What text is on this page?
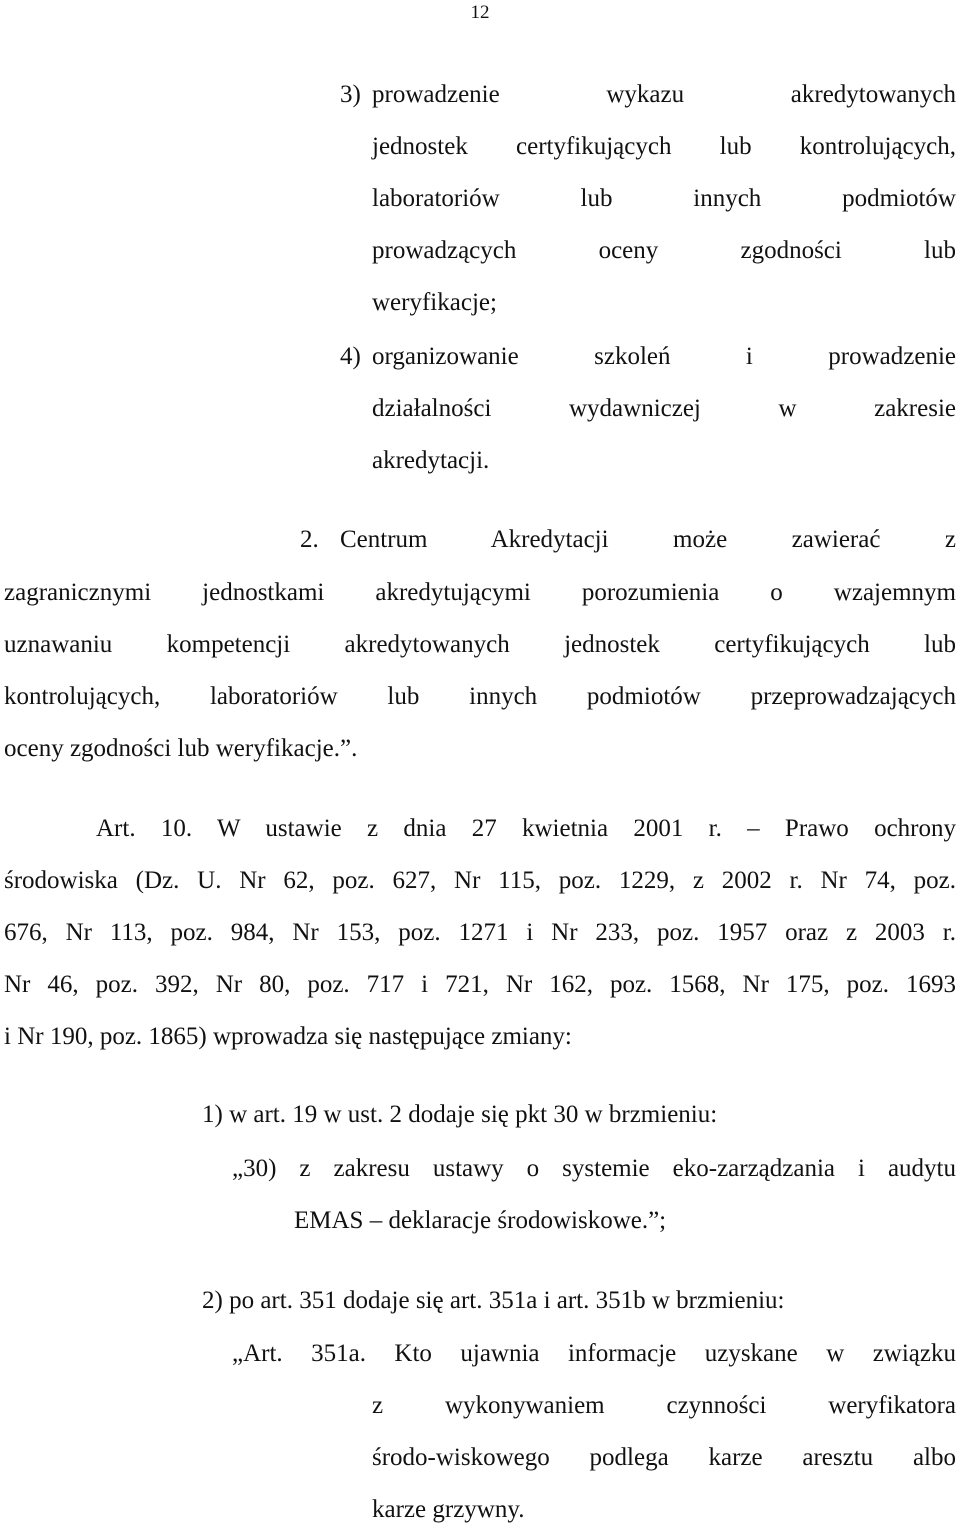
12
3) prowadzenie wykazu akredytowanych
jednostek certyfikujących lub kontrolujących,
laboratoriów lub innych podmiotów
prowadzących oceny zgodności lub
weryfikacje;
4) organizowanie szkoleń i prowadzenie
działalności wydawniczej w zakresie
akredytacji.
2. Centrum Akredytacji może zawierać z
zagranicznymi jednostkami akredytującymi porozumienia o wzajemnym
uznawaniu kompetencji akredytowanych jednostek certyfikujących lub
kontrolujących, laboratoriów lub innych podmiotów przeprowadzających
oceny zgodności lub weryfikacje.”.
Art. 10. W ustawie z dnia 27 kwietnia 2001 r. – Prawo ochrony
środowiska (Dz. U. Nr 62, poz. 627, Nr 115, poz. 1229, z 2002 r. Nr 74, poz.
676, Nr 113, poz. 984, Nr 153, poz. 1271 i Nr 233, poz. 1957 oraz z 2003 r.
Nr 46, poz. 392, Nr 80, poz. 717 i 721, Nr 162, poz. 1568, Nr 175, poz. 1693
i Nr 190, poz. 1865) wprowadza się następujące zmiany:
1) w art. 19 w ust. 2 dodaje się pkt 30 w brzmieniu:
„30) z zakresu ustawy o systemie eko-zarządzania i audytu
EMAS – deklaracje środowiskowe.”;
2) po art. 351 dodaje się art. 351a i art. 351b w brzmieniu:
„Art. 351a. Kto ujawnia informacje uzyskane w związku
z wykonywaniem czynności weryfikatora
środo-wiskowego podlega karze aresztu albo
karze grzywny.
